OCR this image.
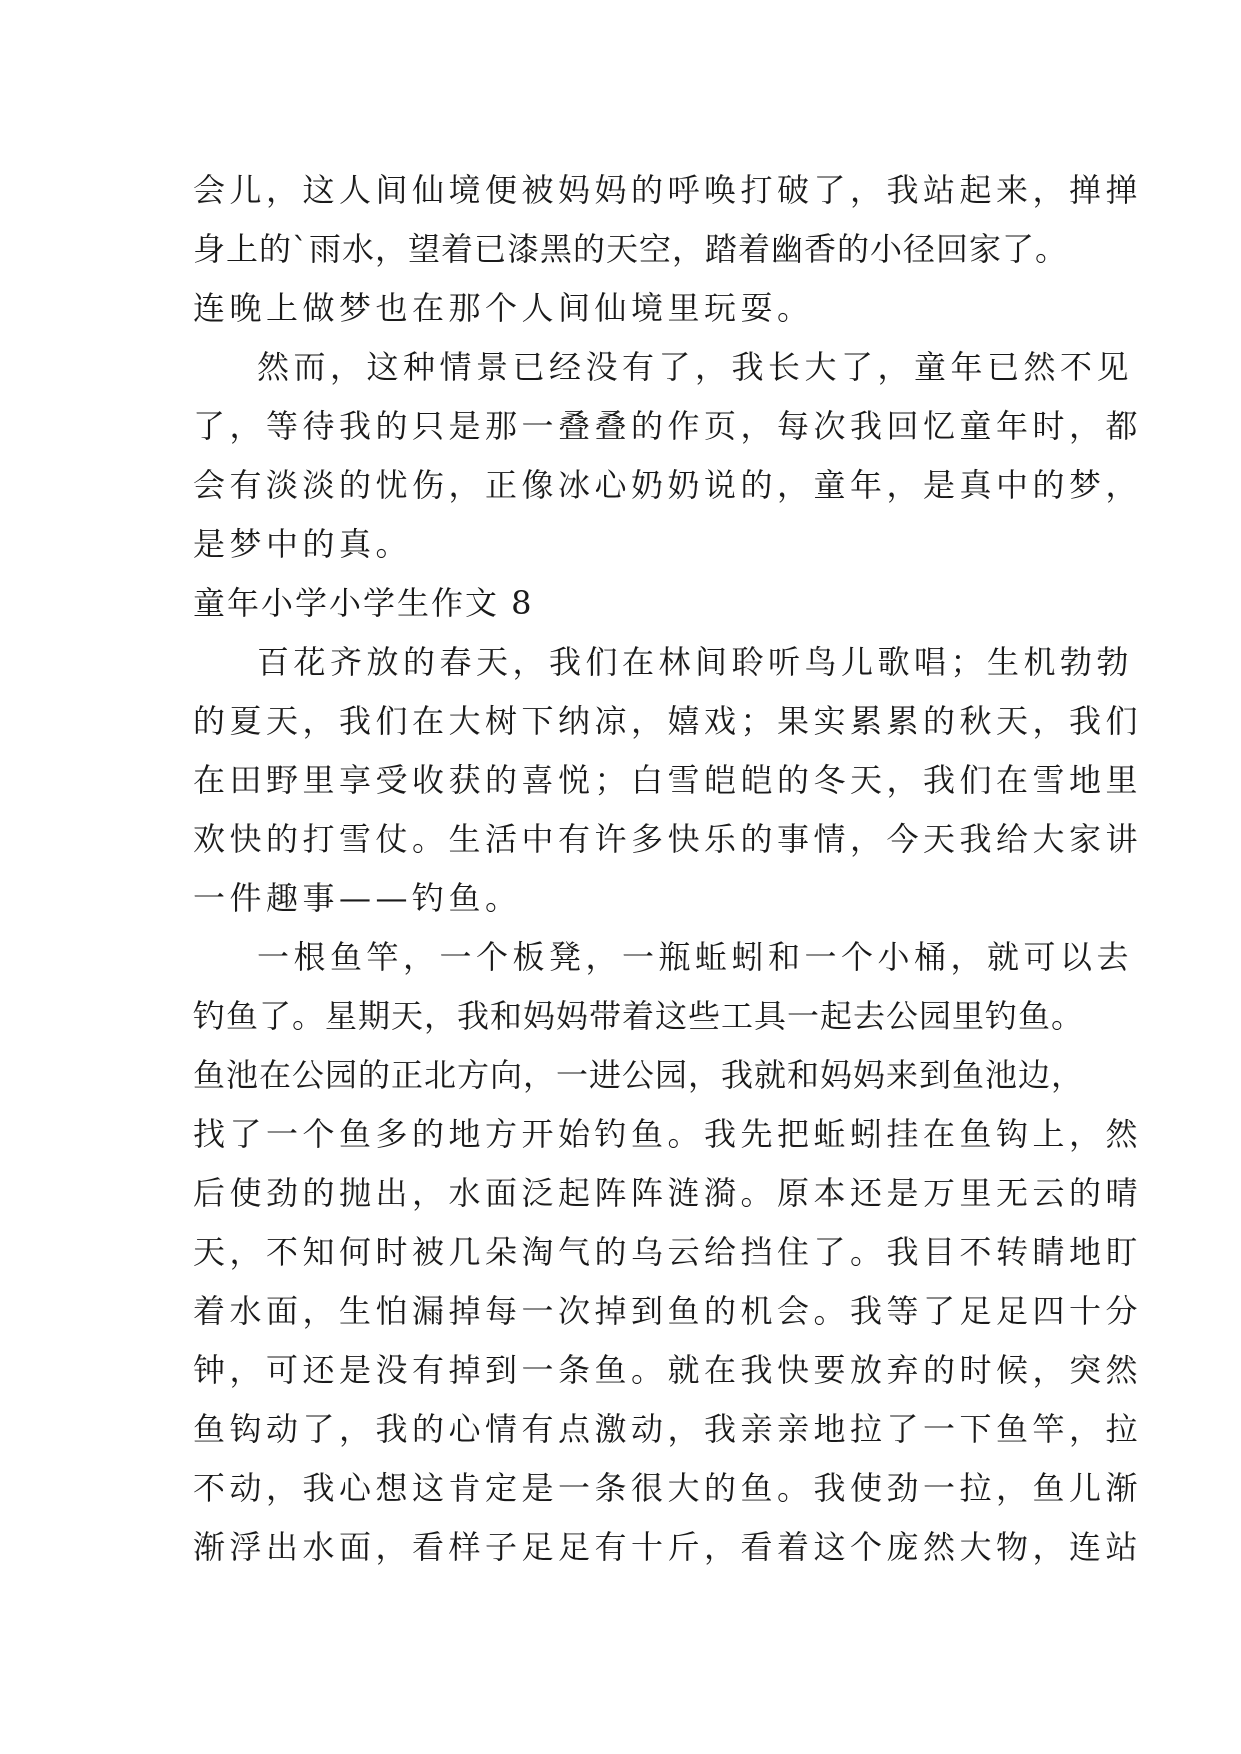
会儿，这人间仙境便被妈妈的呼唤打破了，我站起来，掸掸
身上的`雨水，望着已漆黑的天空，踏着幽香的小径回家了。
连晚上做梦也在那个人间仙境里玩耍。
然而，这种情景已经没有了，我长大了，童年已然不见
了，等待我的只是那一叠叠的作页，每次我回忆童年时，都
会有淡淡的忧伤，正像冰心奶奶说的，童年，是真中的梦，
是梦中的真。
童年小学小学生作文 8
百花齐放的春天，我们在林间聆听鸟儿歌唱；生机勃勃
的夏天，我们在大树下纳凉，嬉戏；果实累累的秋天，我们
在田野里享受收获的喜悦；白雪皑皑的冬天，我们在雪地里
欢快的打雪仗。生活中有许多快乐的事情，今天我给大家讲
一件趣事——钓鱼。
一根鱼竿，一个板凳，一瓶蚯蚓和一个小桶，就可以去
钓鱼了。星期天，我和妈妈带着这些工具一起去公园里钓鱼。
鱼池在公园的正北方向，一进公园，我就和妈妈来到鱼池边，
找了一个鱼多的地方开始钓鱼。我先把蚯蚓挂在鱼钩上，然
后使劲的抛出，水面泛起阵阵涟漪。原本还是万里无云的晴
天，不知何时被几朵淘气的乌云给挡住了。我目不转睛地盯
着水面，生怕漏掉每一次掉到鱼的机会。我等了足足四十分
钟，可还是没有掉到一条鱼。就在我快要放弃的时候，突然
鱼钩动了，我的心情有点激动，我亲亲地拉了一下鱼竿，拉
不动，我心想这肯定是一条很大的鱼。我使劲一拉，鱼儿渐
渐浮出水面，看样子足足有十斤，看着这个庞然大物，连站
